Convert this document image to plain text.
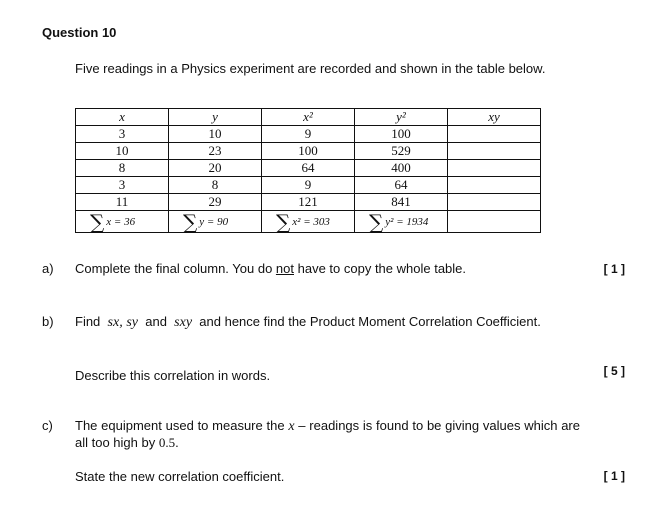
Question 10
Five readings in a Physics experiment are recorded and shown in the table below.
x	y	x²	y²	xy
3	10	9	100	
10	23	100	529	
8	20	64	400	
3	8	9	64	
11	29	121	841	

∑ x = 36	∑ y = 90	∑ x² = 303	∑ y² = 1934	

a) Complete the final column. You do not have to copy the whole table.	[ 1 ]
b) Find sx, sy and sxy and hence find the Product Moment Correlation Coefficient.
Describe this correlation in words.	[ 5 ]
c) The equipment used to measure the x – readings is found to be giving values which are all too high by 0.5.
State the new correlation coefficient.	[ 1 ]
